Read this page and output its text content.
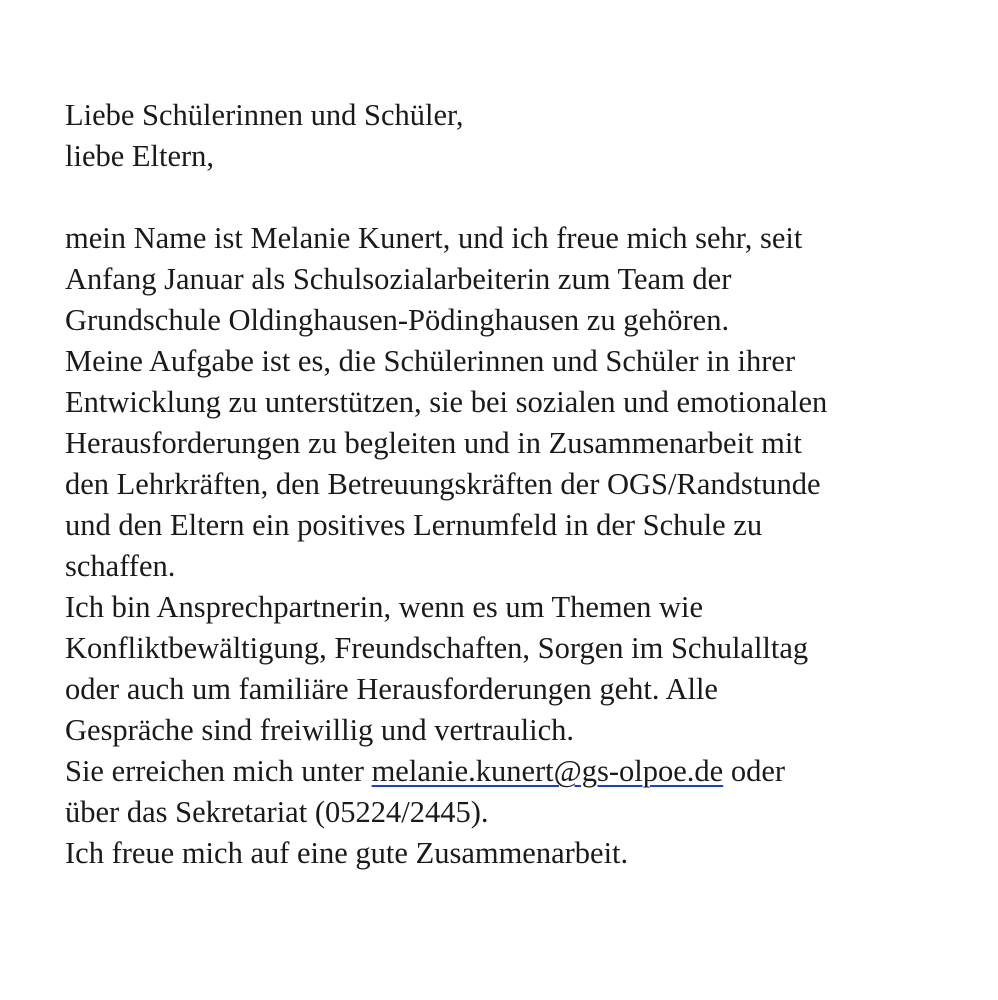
Liebe Schülerinnen und Schüler,
liebe Eltern,
mein Name ist Melanie Kunert, und ich freue mich sehr, seit
Anfang Januar als Schulsozialarbeiterin zum Team der
Grundschule Oldinghausen-Pödinghausen zu gehören.
Meine Aufgabe ist es, die Schülerinnen und Schüler in ihrer
Entwicklung zu unterstützen, sie bei sozialen und emotionalen
Herausforderungen zu begleiten und in Zusammenarbeit mit
den Lehrkräften, den Betreuungskräften der OGS/Randstunde
und den Eltern ein positives Lernumfeld in der Schule zu
schaffen.
Ich bin Ansprechpartnerin, wenn es um Themen wie
Konfliktbewältigung, Freundschaften, Sorgen im Schulalltag
oder auch um familiäre Herausforderungen geht. Alle
Gespräche sind freiwillig und vertraulich.
Sie erreichen mich unter melanie.kunert@gs-olpoe.de oder
über das Sekretariat (05224/2445).
Ich freue mich auf eine gute Zusammenarbeit.
